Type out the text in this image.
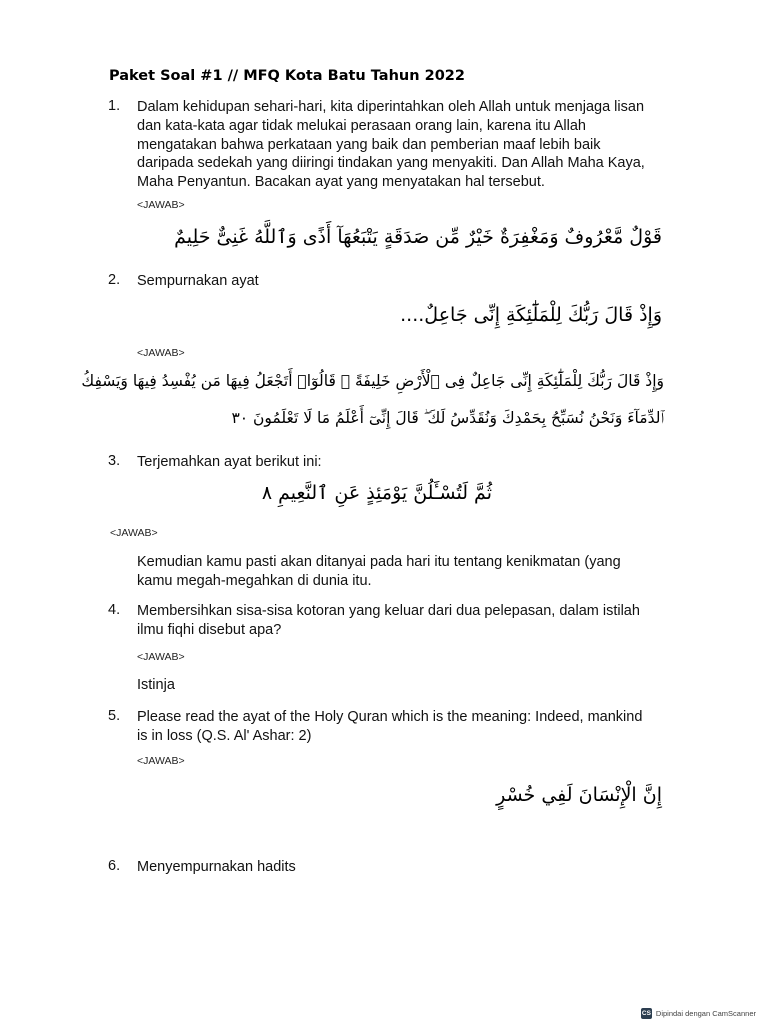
Paket Soal #1 // MFQ Kota Batu Tahun 2022
1. Dalam kehidupan sehari-hari, kita diperintahkan oleh Allah untuk menjaga lisan
dan kata-kata agar tidak melukai perasaan orang lain, karena itu Allah
mengatakan bahwa perkataan yang baik dan pemberian maaf lebih baik
daripada sedekah yang diiringi tindakan yang menyakiti. Dan Allah Maha Kaya,
Maha Penyantun. Bacakan ayat yang menyatakan hal tersebut.
<JAWAB>
قَوْلٌ مَّعْرُوفٌ وَمَغْفِرَةٌ خَيْرٌ مِّن صَدَقَةٍ يَتْبَعُهَآ أَذًى وَٱللَّهُ غَنِىٌّ حَلِيمٌ
2. Sempurnakan ayat
وَإِذْ قَالَ رَبُّكَ لِلْمَلَٰٓئِكَةِ إِنِّى جَاعِلٌ....
<JAWAB>
وَإِذْ قَالَ رَبُّكَ لِلْمَلَٰٓئِكَةِ إِنِّى جَاعِلٌ فِى ٱلْأَرْضِ خَلِيفَةً ۖ قَالُوٓا۟ أَتَجْعَلُ فِيهَا مَن يُفْسِدُ فِيهَا وَيَسْفِكُ
ٱلدِّمَآءَ وَنَحْنُ نُسَبِّحُ بِحَمْدِكَ وَنُقَدِّسُ لَكَ ۖ قَالَ إِنِّىٓ أَعْلَمُ مَا لَا تَعْلَمُونَ ٣٠
3. Terjemahkan ayat berikut ini:
ثُمَّ لَتُسْـَٔلُنَّ يَوْمَئِذٍ عَنِ ٱلنَّعِيمِ ٨
<JAWAB>
Kemudian kamu pasti akan ditanyai pada hari itu tentang kenikmatan (yang
kamu megah-megahkan di dunia itu.
4. Membersihkan sisa-sisa kotoran yang keluar dari dua pelepasan, dalam istilah
ilmu fiqhi disebut apa?
<JAWAB>
Istinja
5. Please read the ayat of the Holy Quran which is the meaning: Indeed, mankind
is in loss (Q.S. Al' Ashar: 2)
<JAWAB>
إِنَّ الْإِنْسَانَ لَفِي خُسْرٍ
6. Menyempurnakan hadits
CS Dipindai dengan CamScanner
